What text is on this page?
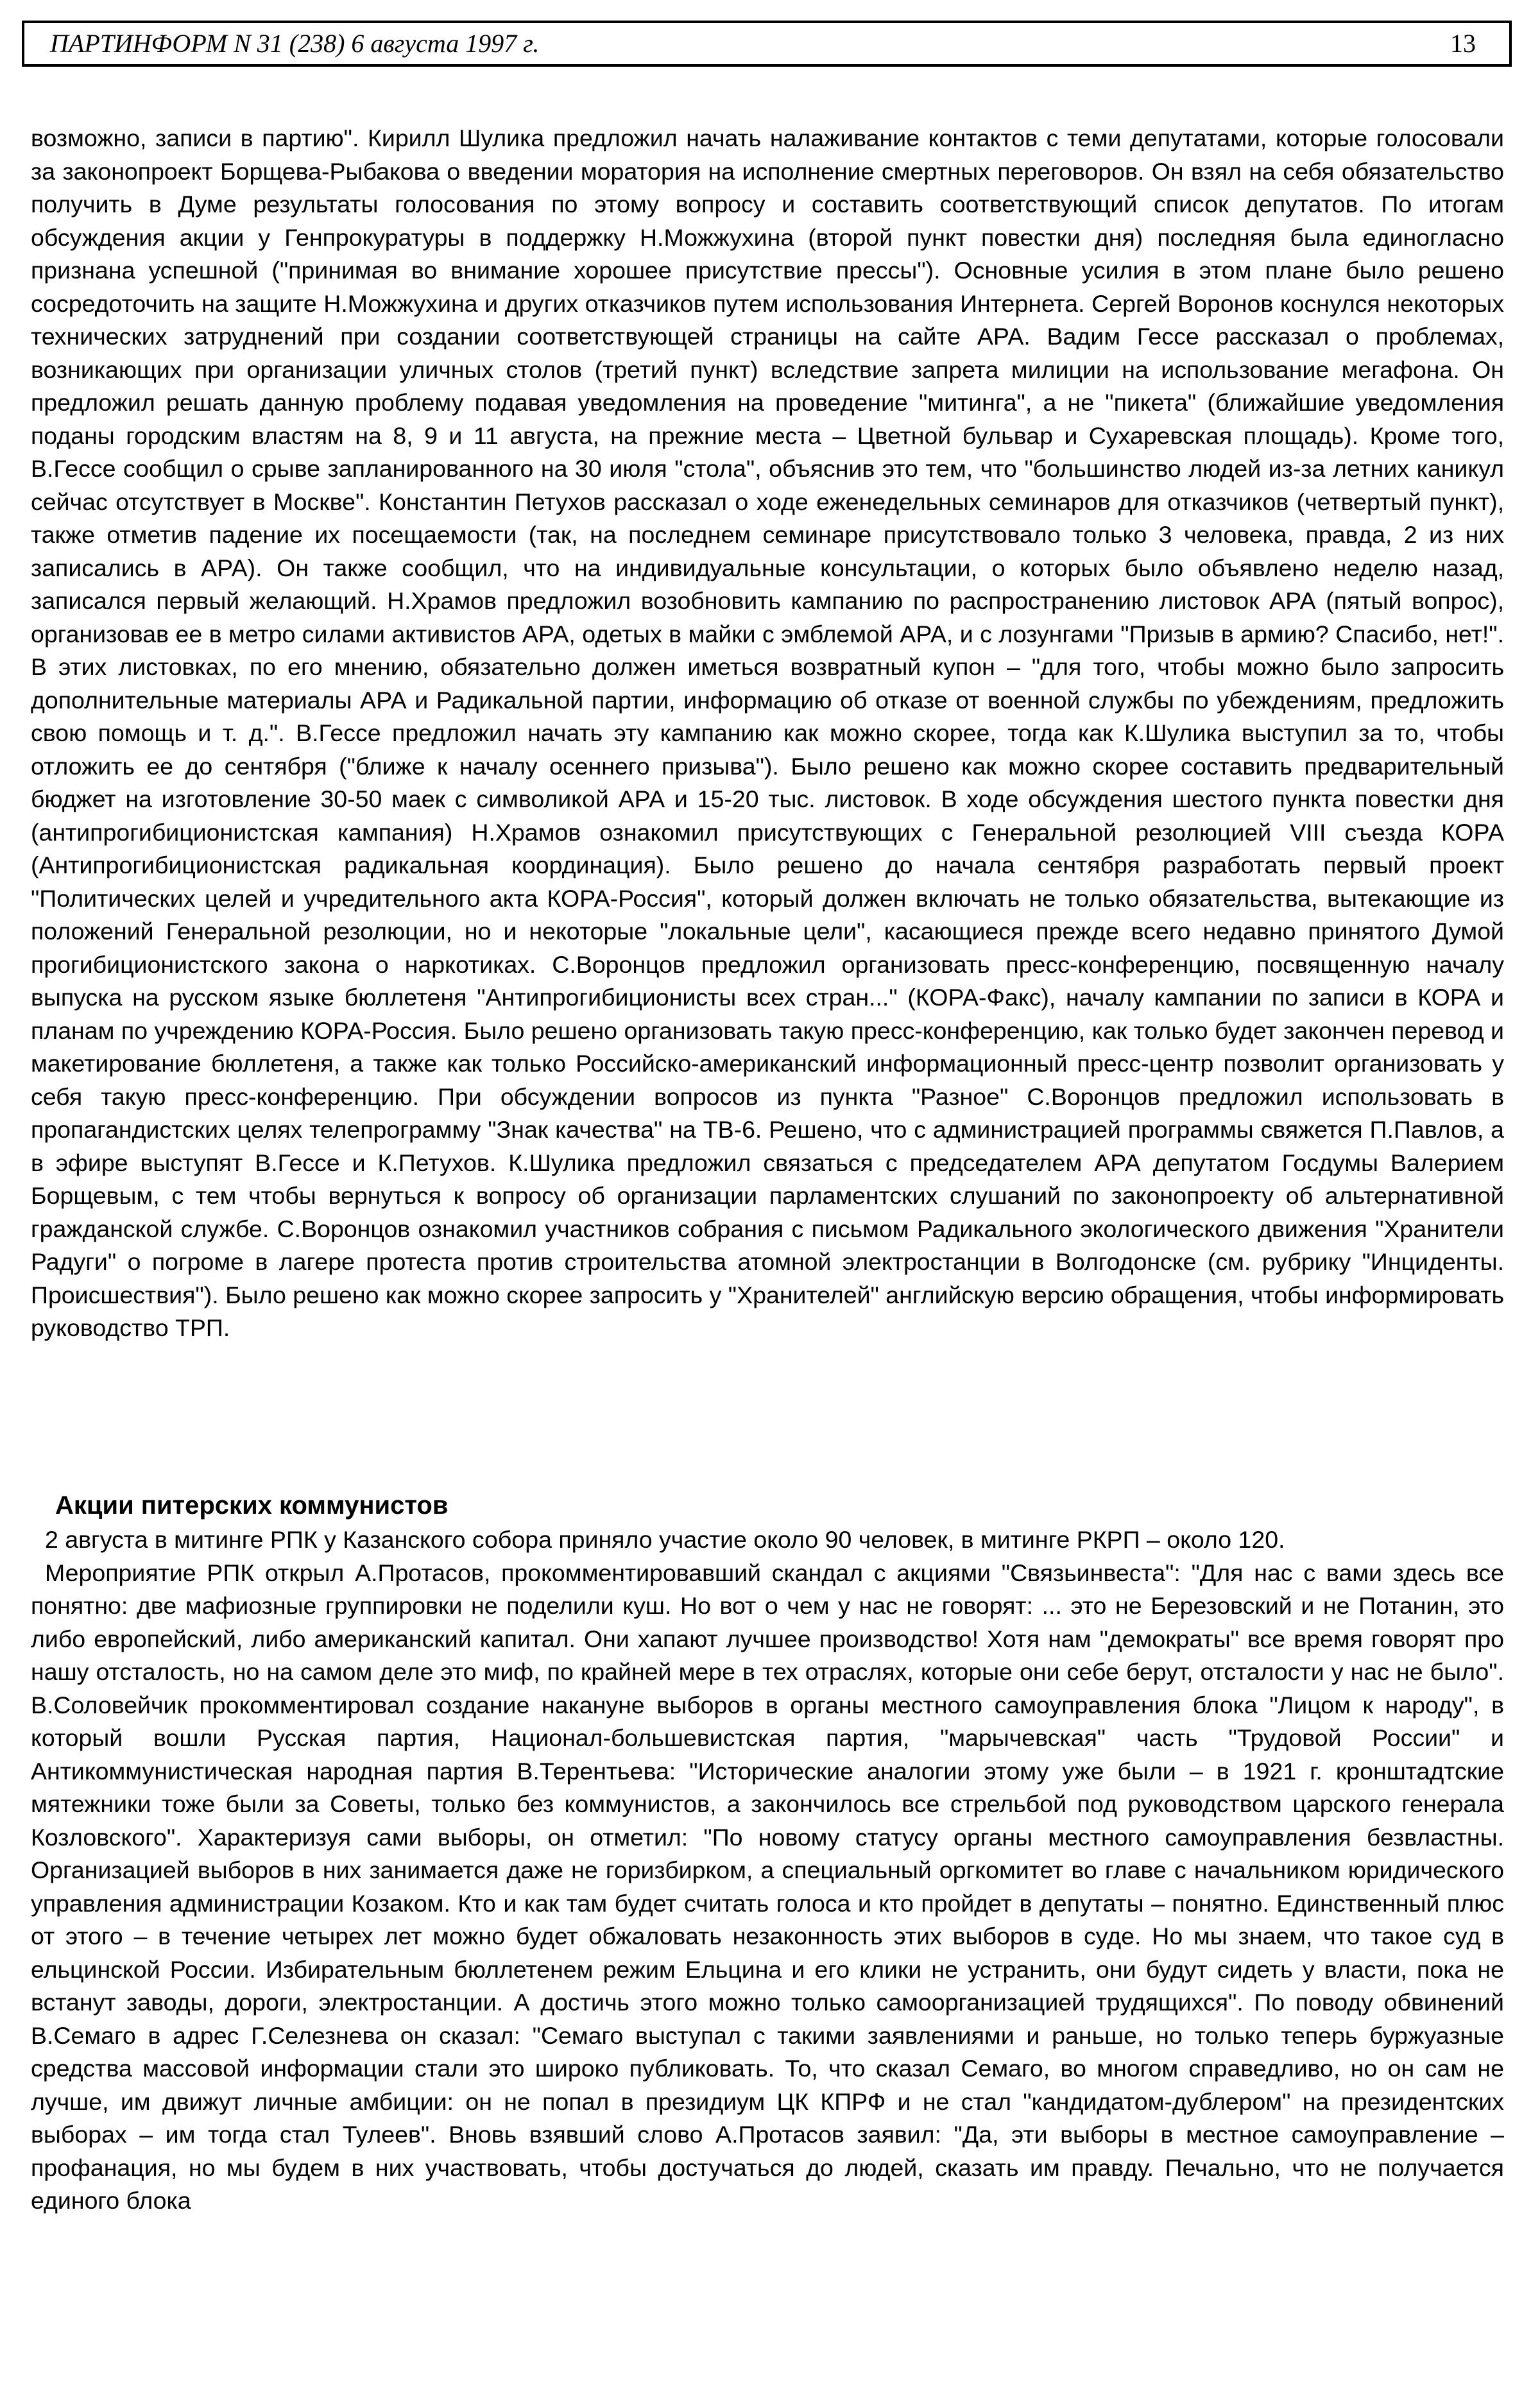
ПАРТИНФОРМ N 31 (238) 6 августа 1997 г.	13

возможно, записи в партию". Кирилл Шулика предложил начать налаживание контактов с теми депутатами, которые голосовали за законопроект Борщева-Рыбакова о введении моратория на исполнение смертных переговоров. Он взял на себя обязательство получить в Думе результаты голосования по этому вопросу и составить соответствующий список депутатов. По итогам обсуждения акции у Генпрокуратуры в поддержку Н.Можжухина (второй пункт повестки дня) последняя была единогласно признана успешной ("принимая во внимание хорошее присутствие прессы"). Основные усилия в этом плане было решено сосредоточить на защите Н.Можжухина и других отказчиков путем использования Интернета. Сергей Воронов коснулся некоторых технических затруднений при создании соответствующей страницы на сайте АРА. Вадим Гессе рассказал о проблемах, возникающих при организации уличных столов (третий пункт) вследствие запрета милиции на использование мегафона. Он предложил решать данную проблему подавая уведомления на проведение "митинга", а не "пикета" (ближайшие уведомления поданы городским властям на 8, 9 и 11 августа, на прежние места – Цветной бульвар и Сухаревская площадь). Кроме того, В.Гессе сообщил о срыве запланированного на 30 июля "стола", объяснив это тем, что "большинство людей из-за летних каникул сейчас отсутствует в Москве". Константин Петухов рассказал о ходе еженедельных семинаров для отказчиков (четвертый пункт), также отметив падение их посещаемости (так, на последнем семинаре присутствовало только 3 человека, правда, 2 из них записались в АРА). Он также сообщил, что на индивидуальные консультации, о которых было объявлено неделю назад, записался первый желающий. Н.Храмов предложил возобновить кампанию по распространению листовок АРА (пятый вопрос), организовав ее в метро силами активистов АРА, одетых в майки с эмблемой АРА, и с лозунгами "Призыв в армию? Спасибо, нет!". В этих листовках, по его мнению, обязательно должен иметься возвратный купон – "для того, чтобы можно было запросить дополнительные материалы АРА и Радикальной партии, информацию об отказе от военной службы по убеждениям, предложить свою помощь и т. д.". В.Гессе предложил начать эту кампанию как можно скорее, тогда как К.Шулика выступил за то, чтобы отложить ее до сентября ("ближе к началу осеннего призыва"). Было решено как можно скорее составить предварительный бюджет на изготовление 30-50 маек с символикой АРА и 15-20 тыс. листовок. В ходе обсуждения шестого пункта повестки дня (антипрогибиционистская кампания) Н.Храмов ознакомил присутствующих с Генеральной резолюцией VIII съезда КОРА (Антипрогибиционистская радикальная координация). Было решено до начала сентября разработать первый проект "Политических целей и учредительного акта КОРА-Россия", который должен включать не только обязательства, вытекающие из положений Генеральной резолюции, но и некоторые "локальные цели", касающиеся прежде всего недавно принятого Думой прогибиционистского закона о наркотиках. С.Воронцов предложил организовать пресс-конференцию, посвященную началу выпуска на русском языке бюллетеня "Антипрогибиционисты всех стран..." (КОРА-Факс), началу кампании по записи в КОРА и планам по учреждению КОРА-Россия. Было решено организовать такую пресс-конференцию, как только будет закончен перевод и макетирование бюллетеня, а также как только Российско-американский информационный пресс-центр позволит организовать у себя такую пресс-конференцию. При обсуждении вопросов из пункта "Разное" С.Воронцов предложил использовать в пропагандистских целях телепрограмму "Знак качества" на ТВ-6. Решено, что с администрацией программы свяжется П.Павлов, а в эфире выступят В.Гессе и К.Петухов. К.Шулика предложил связаться с председателем АРА депутатом Госдумы Валерием Борщевым, с тем чтобы вернуться к вопросу об организации парламентских слушаний по законопроекту об альтернативной гражданской службе. С.Воронцов ознакомил участников собрания с письмом Радикального экологического движения "Хранители Радуги" о погроме в лагере протеста против строительства атомной электростанции в Волгодонске (см. рубрику "Инциденты. Происшествия"). Было решено как можно скорее запросить у "Хранителей" английскую версию обращения, чтобы информировать руководство ТРП.

Акции питерских коммунистов

2 августа в митинге РПК у Казанского собора приняло участие около 90 человек, в митинге РКРП – около 120.

Мероприятие РПК открыл А.Протасов, прокомментировавший скандал с акциями "Связьинвеста": "Для нас с вами здесь все понятно: две мафиозные группировки не поделили куш. Но вот о чем у нас не говорят: ... это не Березовский и не Потанин, это либо европейский, либо американский капитал. Они хапают лучшее производство! Хотя нам "демократы" все время говорят про нашу отсталость, но на самом деле это миф, по крайней мере в тех отраслях, которые они себе берут, отсталости у нас не было". В.Соловейчик прокомментировал создание накануне выборов в органы местного самоуправления блока "Лицом к народу", в который вошли Русская партия, Национал-большевистская партия, "марычевская" часть "Трудовой России" и Антикоммунистическая народная партия В.Терентьева: "Исторические аналогии этому уже были – в 1921 г. кронштадтские мятежники тоже были за Советы, только без коммунистов, а закончилось все стрельбой под руководством царского генерала Козловского". Характеризуя сами выборы, он отметил: "По новому статусу органы местного самоуправления безвластны. Организацией выборов в них занимается даже не горизбирком, а специальный оргкомитет во главе с начальником юридического управления администрации Козаком. Кто и как там будет считать голоса и кто пройдет в депутаты – понятно. Единственный плюс от этого – в течение четырех лет можно будет обжаловать незаконность этих выборов в суде. Но мы знаем, что такое суд в ельцинской России. Избирательным бюллетенем режим Ельцина и его клики не устранить, они будут сидеть у власти, пока не встанут заводы, дороги, электростанции. А достичь этого можно только самоорганизацией трудящихся". По поводу обвинений В.Семаго в адрес Г.Селезнева он сказал: "Семаго выступал с такими заявлениями и раньше, но только теперь буржуазные средства массовой информации стали это широко публиковать. То, что сказал Семаго, во многом справедливо, но он сам не лучше, им движут личные амбиции: он не попал в президиум ЦК КПРФ и не стал "кандидатом-дублером" на президентских выборах – им тогда стал Тулеев". Вновь взявший слово А.Протасов заявил: "Да, эти выборы в местное самоуправление – профанация, но мы будем в них участвовать, чтобы достучаться до людей, сказать им правду. Печально, что не получается единого блока
